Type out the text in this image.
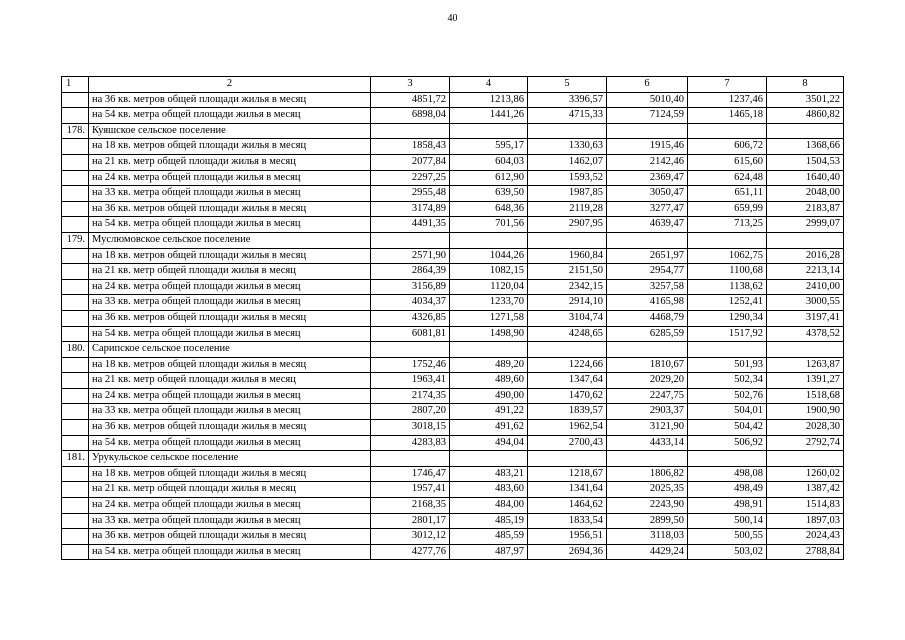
40
1	2	3	4	5	6	7	8
	на 36 кв. метров общей площади жилья в месяц	4851,72	1213,86	3396,57	5010,40	1237,46	3501,22
	на 54 кв. метра общей площади жилья в месяц	6898,04	1441,26	4715,33	7124,59	1465,18	4860,82
178.	Куяшское сельское поселение						
	на 18 кв. метров общей площади жилья в месяц	1858,43	595,17	1330,63	1915,46	606,72	1368,66
	на 21 кв. метр общей площади жилья в месяц	2077,84	604,03	1462,07	2142,46	615,60	1504,53
	на 24 кв. метра общей площади жилья в месяц	2297,25	612,90	1593,52	2369,47	624,48	1640,40
	на 33 кв. метра общей площади жилья в месяц	2955,48	639,50	1987,85	3050,47	651,11	2048,00
	на 36 кв. метров общей площади жилья в месяц	3174,89	648,36	2119,28	3277,47	659,99	2183,87
	на 54 кв. метра общей площади жилья в месяц	4491,35	701,56	2907,95	4639,47	713,25	2999,07
179.	Муслюмовское сельское поселение						
	на 18 кв. метров общей площади жилья в месяц	2571,90	1044,26	1960,84	2651,97	1062,75	2016,28
	на 21 кв. метр общей площади жилья в месяц	2864,39	1082,15	2151,50	2954,77	1100,68	2213,14
	на 24 кв. метра общей площади жилья в месяц	3156,89	1120,04	2342,15	3257,58	1138,62	2410,00
	на 33 кв. метра общей площади жилья в месяц	4034,37	1233,70	2914,10	4165,98	1252,41	3000,55
	на 36 кв. метров общей площади жилья в месяц	4326,85	1271,58	3104,74	4468,79	1290,34	3197,41
	на 54 кв. метра общей площади жилья в месяц	6081,81	1498,90	4248,65	6285,59	1517,92	4378,52
180.	Сарипское сельское поселение						
	на 18 кв. метров общей площади жилья в месяц	1752,46	489,20	1224,66	1810,67	501,93	1263,87
	на 21 кв. метр общей площади жилья в месяц	1963,41	489,60	1347,64	2029,20	502,34	1391,27
	на 24 кв. метра общей площади жилья в месяц	2174,35	490,00	1470,62	2247,75	502,76	1518,68
	на 33 кв. метра общей площади жилья в месяц	2807,20	491,22	1839,57	2903,37	504,01	1900,90
	на 36 кв. метров общей площади жилья в месяц	3018,15	491,62	1962,54	3121,90	504,42	2028,30
	на 54 кв. метра общей площади жилья в месяц	4283,83	494,04	2700,43	4433,14	506,92	2792,74
181.	Урукульское сельское поселение						
	на 18 кв. метров общей площади жилья в месяц	1746,47	483,21	1218,67	1806,82	498,08	1260,02
	на 21 кв. метр общей площади жилья в месяц	1957,41	483,60	1341,64	2025,35	498,49	1387,42
	на 24 кв. метра общей площади жилья в месяц	2168,35	484,00	1464,62	2243,90	498,91	1514,83
	на 33 кв. метра общей площади жилья в месяц	2801,17	485,19	1833,54	2899,50	500,14	1897,03
	на 36 кв. метров общей площади жилья в месяц	3012,12	485,59	1956,51	3118,03	500,55	2024,43
	на 54 кв. метра общей площади жилья в месяц	4277,76	487,97	2694,36	4429,24	503,02	2788,84
